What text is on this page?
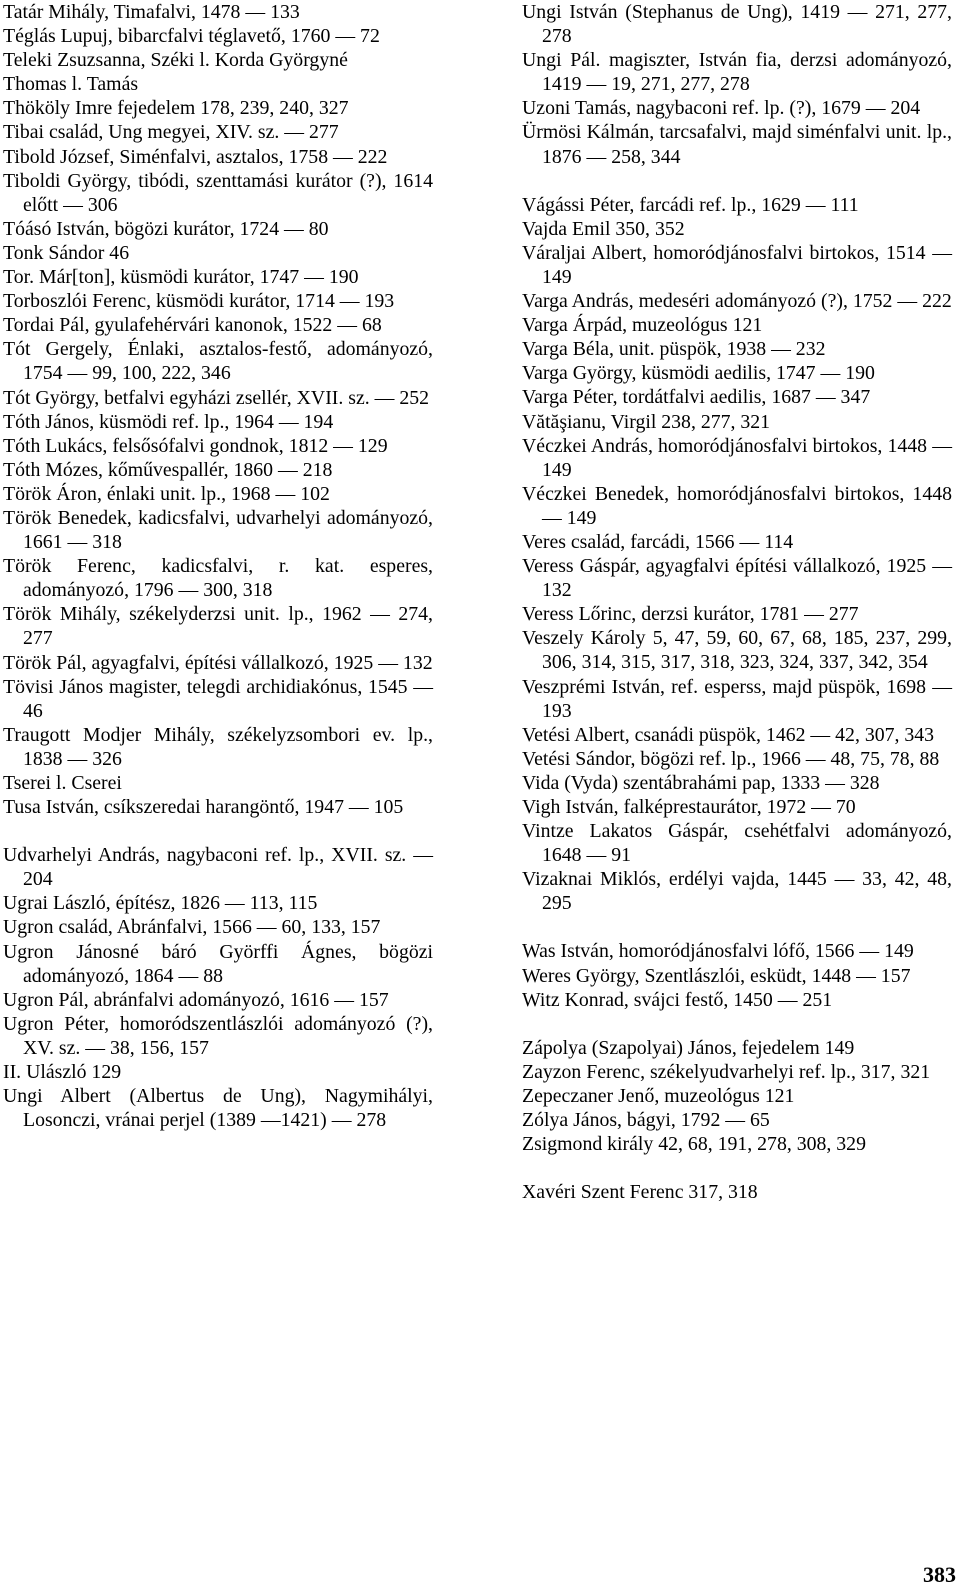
Tatár Mihály, Timafalvi, 1478 — 133

Téglás Lupuj, bibarcfalvi téglavető, 1760 — 72

Teleki Zsuzsanna, Széki l. Korda Györgyné

Thomas l. Tamás

Thököly Imre fejedelem 178, 239, 240, 327

Tibai család, Ung megyei, XIV. sz. — 277

Tibold József, Siménfalvi, asztalos, 1758 — 222

Tiboldi György, tibódi, szenttamási kurátor (?), 1614 előtt — 306

Tóásó István, bögözi kurátor, 1724 — 80

Tonk Sándor 46

Tor. Már[ton], küsmödi kurátor, 1747 — 190

Torboszlói Ferenc, küsmödi kurátor, 1714 — 193

Tordai Pál, gyulafehérvári kanonok, 1522 — 68

Tót Gergely, Énlaki, asztalos-festő, adományozó, 1754 — 99, 100, 222, 346

Tót György, betfalvi egyházi zsellér, XVII. sz. — 252

Tóth János, küsmödi ref. lp., 1964 — 194

Tóth Lukács, felsősófalvi gondnok, 1812 — 129

Tóth Mózes, kőművespallér, 1860 — 218

Török Áron, énlaki unit. lp., 1968 — 102

Török Benedek, kadicsfalvi, udvarhelyi adományozó, 1661 — 318

Török Ferenc, kadicsfalvi, r. kat. esperes, adományozó, 1796 — 300, 318

Török Mihály, székelyderzsi unit. lp., 1962 — 274, 277

Török Pál, agyagfalvi, építési vállalkozó, 1925 — 132

Tövisi János magister, telegdi archidiakónus, 1545 — 46

Traugott Modjer Mihály, székelyzsombori ev. lp., 1838 — 326

Tserei l. Cserei

Tusa István, csíkszeredai harangöntő, 1947 — 105

Udvarhelyi András, nagybaconi ref. lp., XVII. sz. — 204

Ugrai László, építész, 1826 — 113, 115

Ugron család, Abránfalvi, 1566 — 60, 133, 157

Ugron Jánosné báró Györffi Ágnes, bögözi adományozó, 1864 — 88

Ugron Pál, abránfalvi adományozó, 1616 — 157

Ugron Péter, homoródszentlászlói adományozó (?), XV. sz. — 38, 156, 157

II. Ulászló 129

Ungi Albert (Albertus de Ung), Nagymihályi, Losonczi, vránai perjel (1389 —1421) — 278

Ungi István (Stephanus de Ung), 1419 — 271, 277, 278

Ungi Pál. magiszter, István fia, derzsi adományozó, 1419 — 19, 271, 277, 278

Uzoni Tamás, nagybaconi ref. lp. (?), 1679 — 204

Ürmösi Kálmán, tarcsafalvi, majd siménfalvi unit. lp., 1876 — 258, 344

Vágássi Péter, farcádi ref. lp., 1629 — 111

Vajda Emil 350, 352

Váraljai Albert, homoródjánosfalvi birtokos, 1514 — 149

Varga András, medeséri adományozó (?), 1752 — 222

Varga Árpád, muzeológus 121

Varga Béla, unit. püspök, 1938 — 232

Varga György, küsmödi aedilis, 1747 — 190

Varga Péter, tordátfalvi aedilis, 1687 — 347

Vătăşianu, Virgil 238, 277, 321

Véczkei András, homoródjánosfalvi birtokos, 1448 — 149

Véczkei Benedek, homoródjánosfalvi birtokos, 1448 — 149

Veres család, farcádi, 1566 — 114

Veress Gáspár, agyagfalvi építési vállalkozó, 1925 — 132

Veress Lőrinc, derzsi kurátor, 1781 — 277

Veszely Károly 5, 47, 59, 60, 67, 68, 185, 237, 299, 306, 314, 315, 317, 318, 323, 324, 337, 342, 354

Veszprémi István, ref. esperss, majd püspök, 1698 — 193

Vetési Albert, csanádi püspök, 1462 — 42, 307, 343

Vetési Sándor, bögözi ref. lp., 1966 — 48, 75, 78, 88

Vida (Vyda) szentábrahámi pap, 1333 — 328

Vigh István, falképrestaurátor, 1972 — 70

Vintze Lakatos Gáspár, csehétfalvi adományozó, 1648 — 91

Vizaknai Miklós, erdélyi vajda, 1445 — 33, 42, 48, 295

Was István, homoródjánosfalvi lófő, 1566 — 149

Weres György, Szentlászlói, esküdt, 1448 — 157

Witz Konrad, svájci festő, 1450 — 251

Zápolya (Szapolyai) János, fejedelem 149

Zayzon Ferenc, székelyudvarhelyi ref. lp., 317, 321

Zepeczaner Jenő, muzeológus 121

Zólya János, bágyi, 1792 — 65

Zsigmond király 42, 68, 191, 278, 308, 329

Xavéri Szent Ferenc 317, 318

383
